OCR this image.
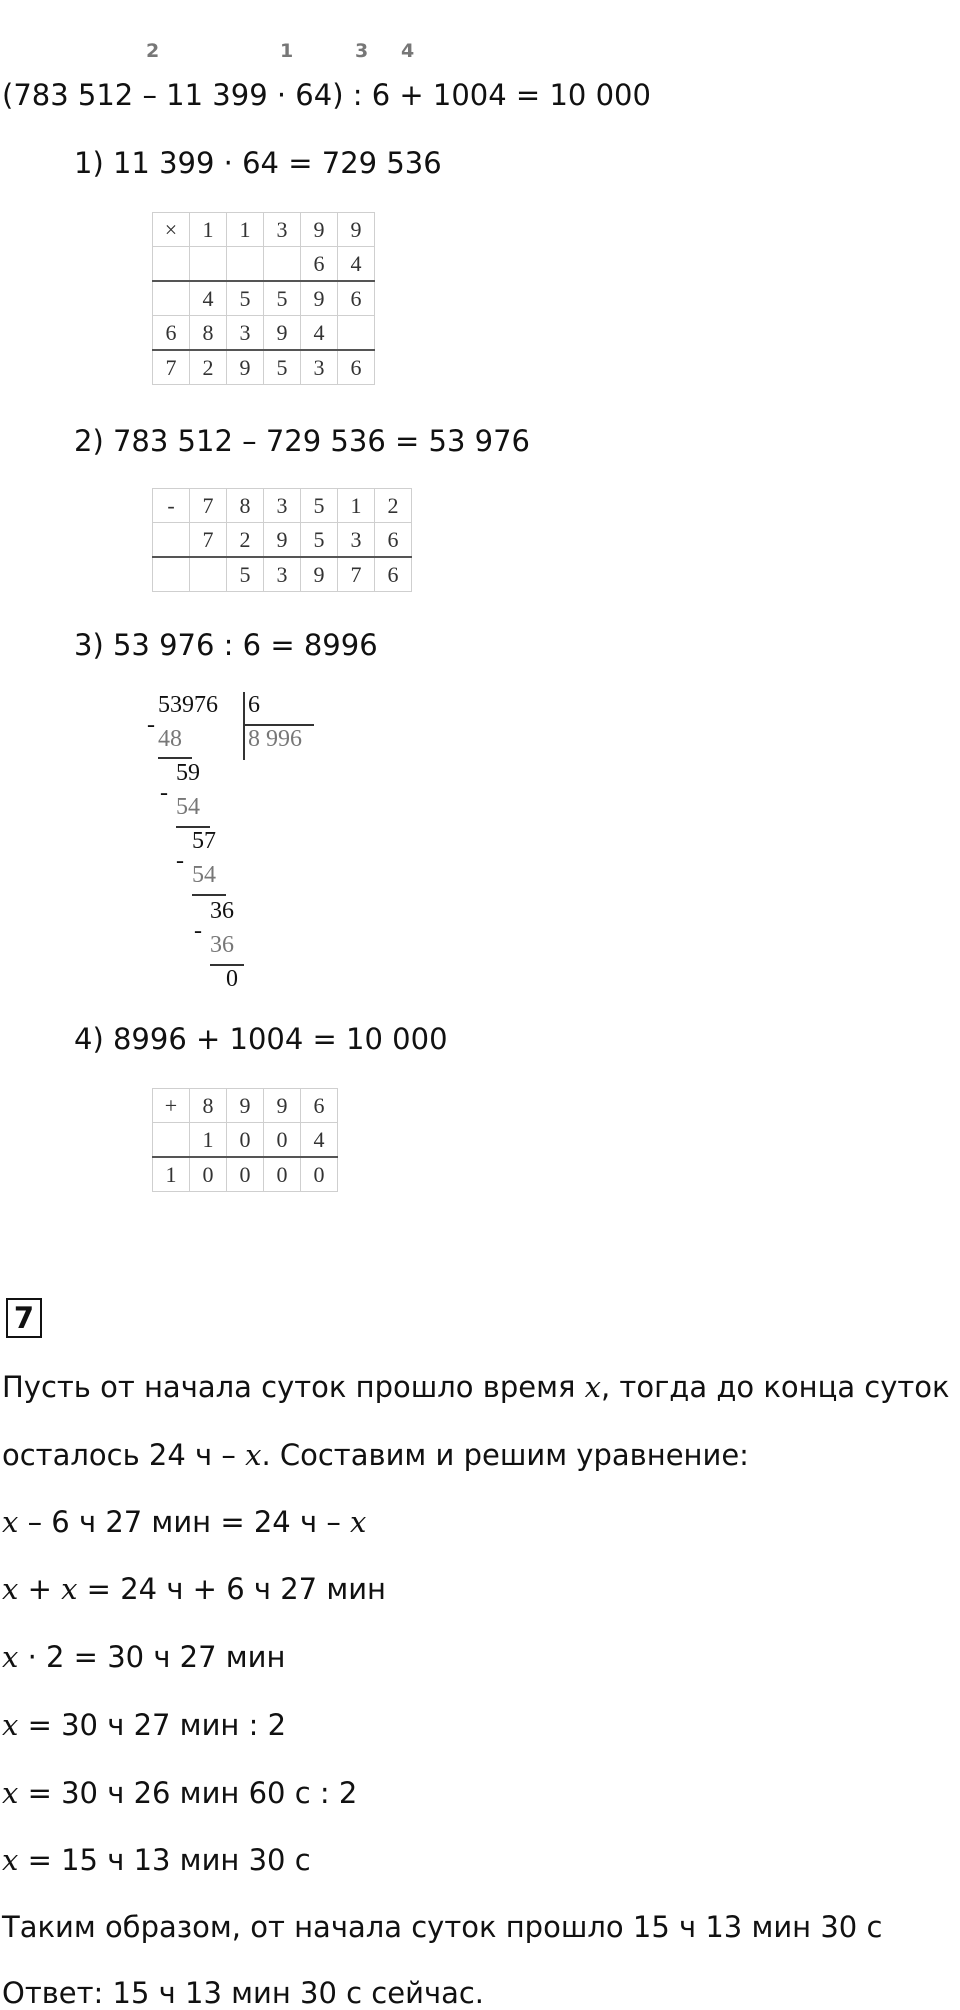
2	1	3 4
(783 512 – 11 399 · 64) : 6 + 1004 = 10 000
1) 11 399 · 64 = 729 536
×	1	1	3	9	9
				6	4
	4	5	5	9	6
6	8	3	9	4	
7	2	9	5	3	6
2) 783 512 – 729 536 = 53 976
-	7	8	3	5	1	2
	7	2	9	5	3	6
		5	3	9	7	6
3) 53 976 : 6 = 8996
53976 6
8 996
-
48
59
-
54
57
-
54
36
-
36
0
4) 8996 + 1004 = 10 000
+	8	9	9	6
	1	0	0	4
1	0	0	0	0
7
Пусть от начала суток прошло время x, тогда до конца суток
осталось 24 ч – x. Составим и решим уравнение:
x – 6 ч 27 мин = 24 ч – x
x + x = 24 ч + 6 ч 27 мин
x · 2 = 30 ч 27 мин
x = 30 ч 27 мин : 2
x = 30 ч 26 мин 60 с : 2
x = 15 ч 13 мин 30 с
Таким образом, от начала суток прошло 15 ч 13 мин 30 с
Ответ: 15 ч 13 мин 30 с сейчас.
